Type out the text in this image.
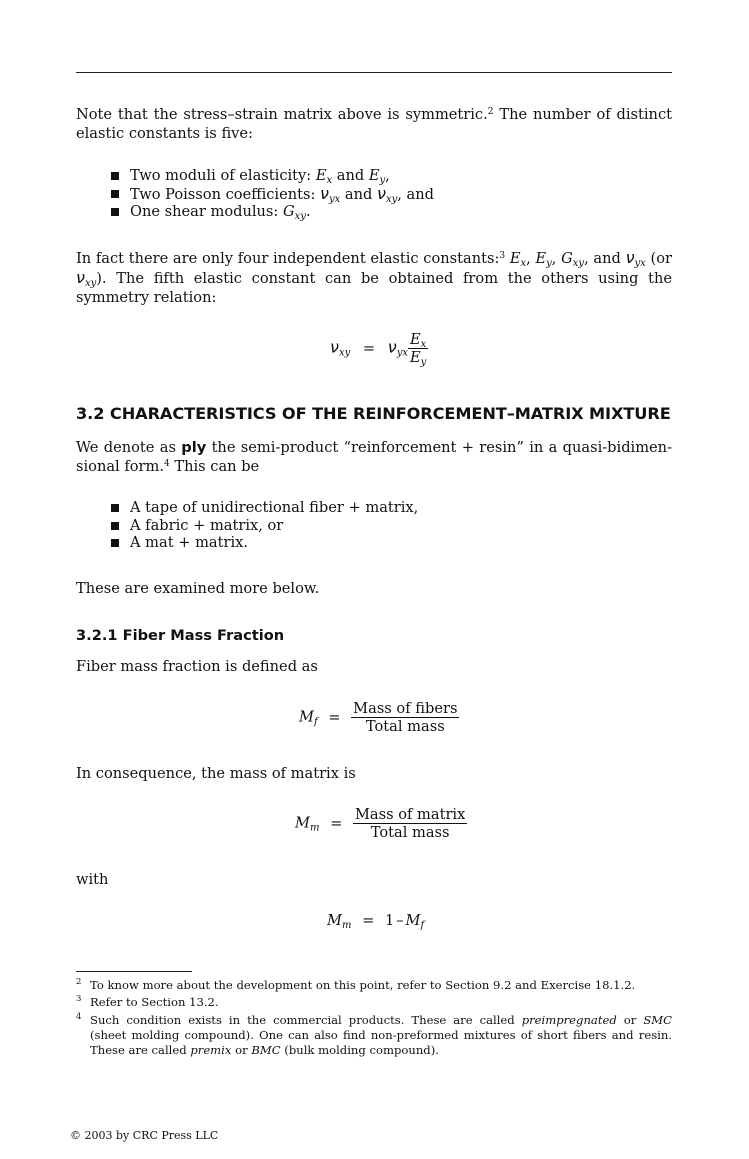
Note that the stress–strain matrix above is symmetric.$^2$ The number of distinct elastic constants is five:
Two moduli of elasticity: $E_x$ and $E_y$,
Two Poisson coefficients: $\nu_{yx}$ and $\nu_{xy}$, and
One shear modulus: $G_{xy}$.
In fact there are only four independent elastic constants:$^3$ $E_x$, $E_y$, $G_{xy}$, and $\nu_{yx}$ (or $\nu_{xy}$). The fifth elastic constant can be obtained from the others using the symmetry relation:
$\nu_{xy} = \nu_{yx} \frac{E_x}{E_y}$
3.2 CHARACTERISTICS OF THE REINFORCEMENT–MATRIX MIXTURE
We denote as ply the semi-product “reinforcement + resin” in a quasi-bidimensional form.$^4$ This can be
A tape of unidirectional fiber + matrix,
A fabric + matrix, or
A mat + matrix.
These are examined more below.
3.2.1 Fiber Mass Fraction
Fiber mass fraction is defined as
$M_f = \frac{\text{Mass of fibers}}{\text{Total mass}}$
In consequence, the mass of matrix is
$M_m = \frac{\text{Mass of matrix}}{\text{Total mass}}$
with
$M_m = 1 - M_f$
2 To know more about the development on this point, refer to Section 9.2 and Exercise 18.1.2.
3 Refer to Section 13.2.
4 Such condition exists in the commercial products. These are called preimpregnated or SMC (sheet molding compound). One can also find non-preformed mixtures of short fibers and resin. These are called premix or BMC (bulk molding compound).
© 2003 by CRC Press LLC
